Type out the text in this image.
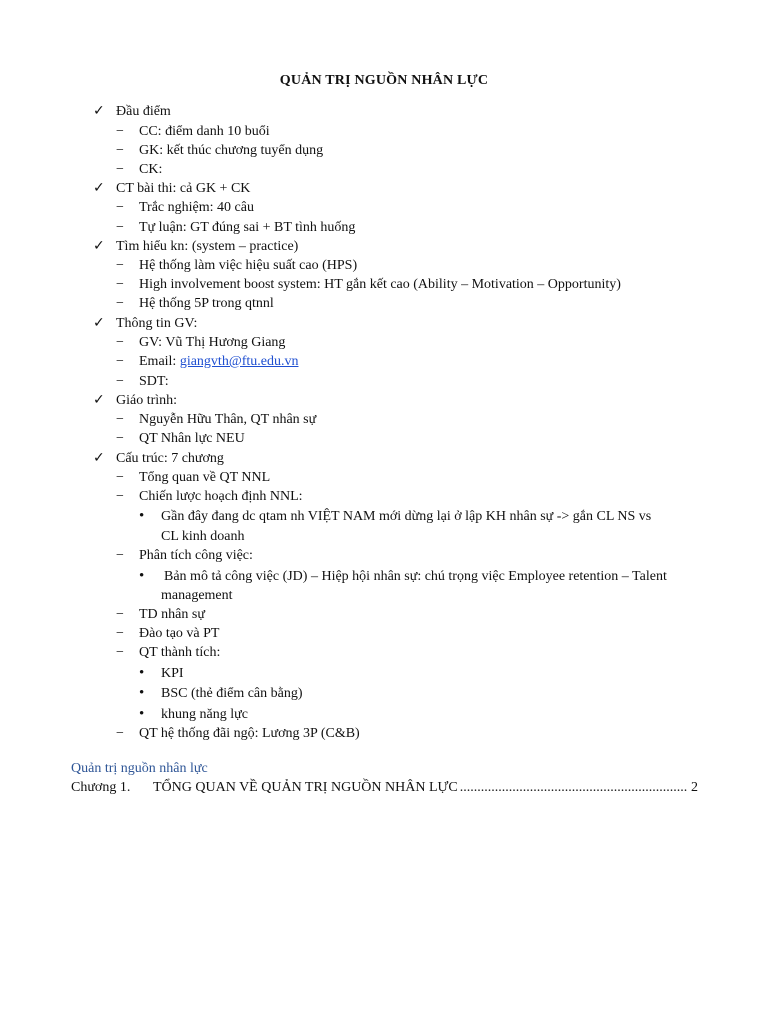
QUẢN TRỊ NGUỒN NHÂN LỰC
✓ Đầu điểm
− CC: điểm danh 10 buổi
− GK: kết thúc chương tuyển dụng
− CK:
✓ CT bài thi: cả GK + CK
− Trắc nghiệm: 40 câu
− Tự luận: GT đúng sai + BT tình huống
✓ Tìm hiểu kn: (system – practice)
− Hệ thống làm việc hiệu suất cao (HPS)
− High involvement boost system: HT gắn kết cao (Ability – Motivation – Opportunity)
− Hệ thống 5P trong qtnnl
✓ Thông tin GV:
− GV: Vũ Thị Hương Giang
− Email: giangvth@ftu.edu.vn
− SDT:
✓ Giáo trình:
− Nguyễn Hữu Thân, QT nhân sự
− QT Nhân lực NEU
✓ Cấu trúc: 7 chương
− Tổng quan về QT NNL
− Chiến lược hoạch định NNL:
• Gần đây đang dc qtam nh VIỆT NAM mới dừng lại ở lập KH nhân sự -> gắn CL NS vs
CL kinh doanh
− Phân tích công việc:
• Bản mô tả công việc (JD) – Hiệp hội nhân sự: chú trọng việc Employee retention – Talent
management
− TD nhân sự
− Đào tạo và PT
− QT thành tích:
• KPI
• BSC (thẻ điểm cân bằng)
• khung năng lực
− QT hệ thống đãi ngộ: Lương 3P (C&B)
Quản trị nguồn nhân lực
Chương 1.	TỔNG QUAN VỀ QUẢN TRỊ NGUỒN NHÂN LỰC
.....	2
